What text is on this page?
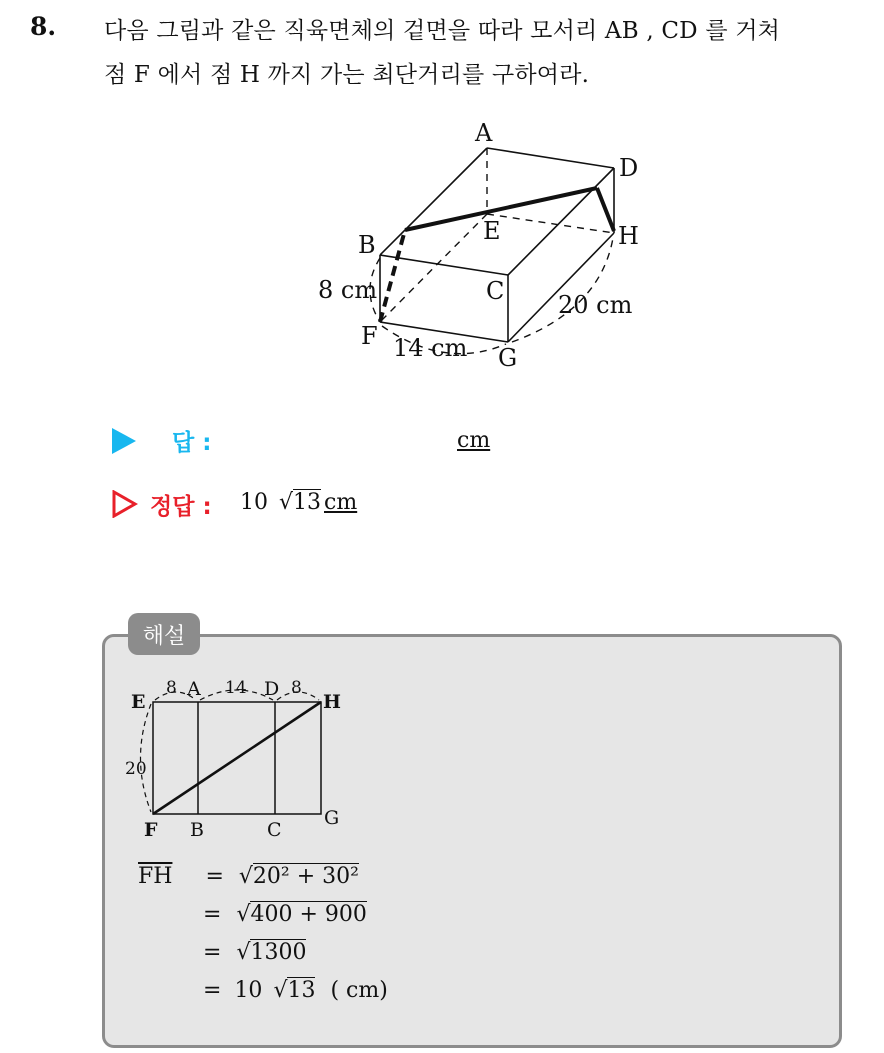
8. 다음 그림과 같은 직육면체의 겉면을 따라 모서리 AB , CD 를 거쳐
점 F 에서 점 H 까지 가는 최단거리를 구하여라.
A
D
E	H
B
C
F
G
8 cm
14 cm
20 cm
답 :	cm
정답 : 10 √13 cm
해설
E
A	D
H
F B	C
G
8	14	8
20
$\overline{FH} = √20^2 + 30^2$
= √400 + 900
= √1300
= 10 √13 ( cm)
